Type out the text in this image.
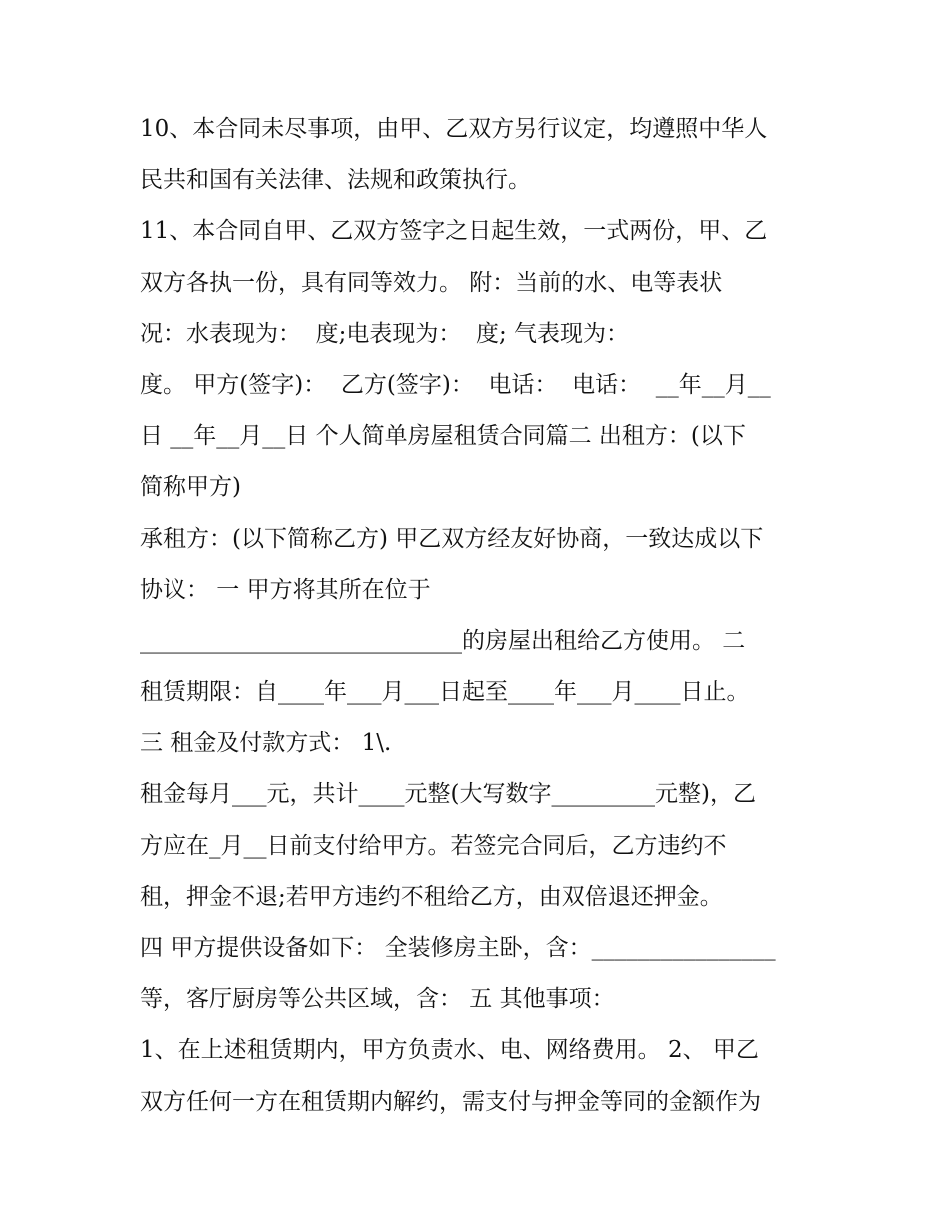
10、本合同未尽事项，由甲、乙双方另行议定，均遵照中华人
民共和国有关法律、法规和政策执行。
11、本合同自甲、乙双方签字之日起生效，一式两份，甲、乙
双方各执一份，具有同等效力。 附：当前的水、电等表状
况：水表现为：  度;电表现为：  度; 气表现为：
度。 甲方(签字)：  乙方(签字)：  电话：  电话：  __年__月__
日 __年__月__日 个人简单房屋租赁合同篇二 出租方：(以下
简称甲方)
承租方：(以下简称乙方) 甲乙双方经友好协商，一致达成以下
协议： 一 甲方将其所在位于
____________________________的房屋出租给乙方使用。 二
租赁期限：自____年___月___日起至____年___月____日止。
三 租金及付款方式： 1\.
租金每月___元，共计____元整(大写数字_________元整)，乙
方应在_月__日前支付给甲方。若签完合同后，乙方违约不
租，押金不退;若甲方违约不租给乙方，由双倍退还押金。
四 甲方提供设备如下： 全装修房主卧，含：________________
等，客厅厨房等公共区域，含： 五 其他事项：
1、在上述租赁期内，甲方负责水、电、网络费用。 2、 甲乙
双方任何一方在租赁期内解约，需支付与押金等同的金额作为
